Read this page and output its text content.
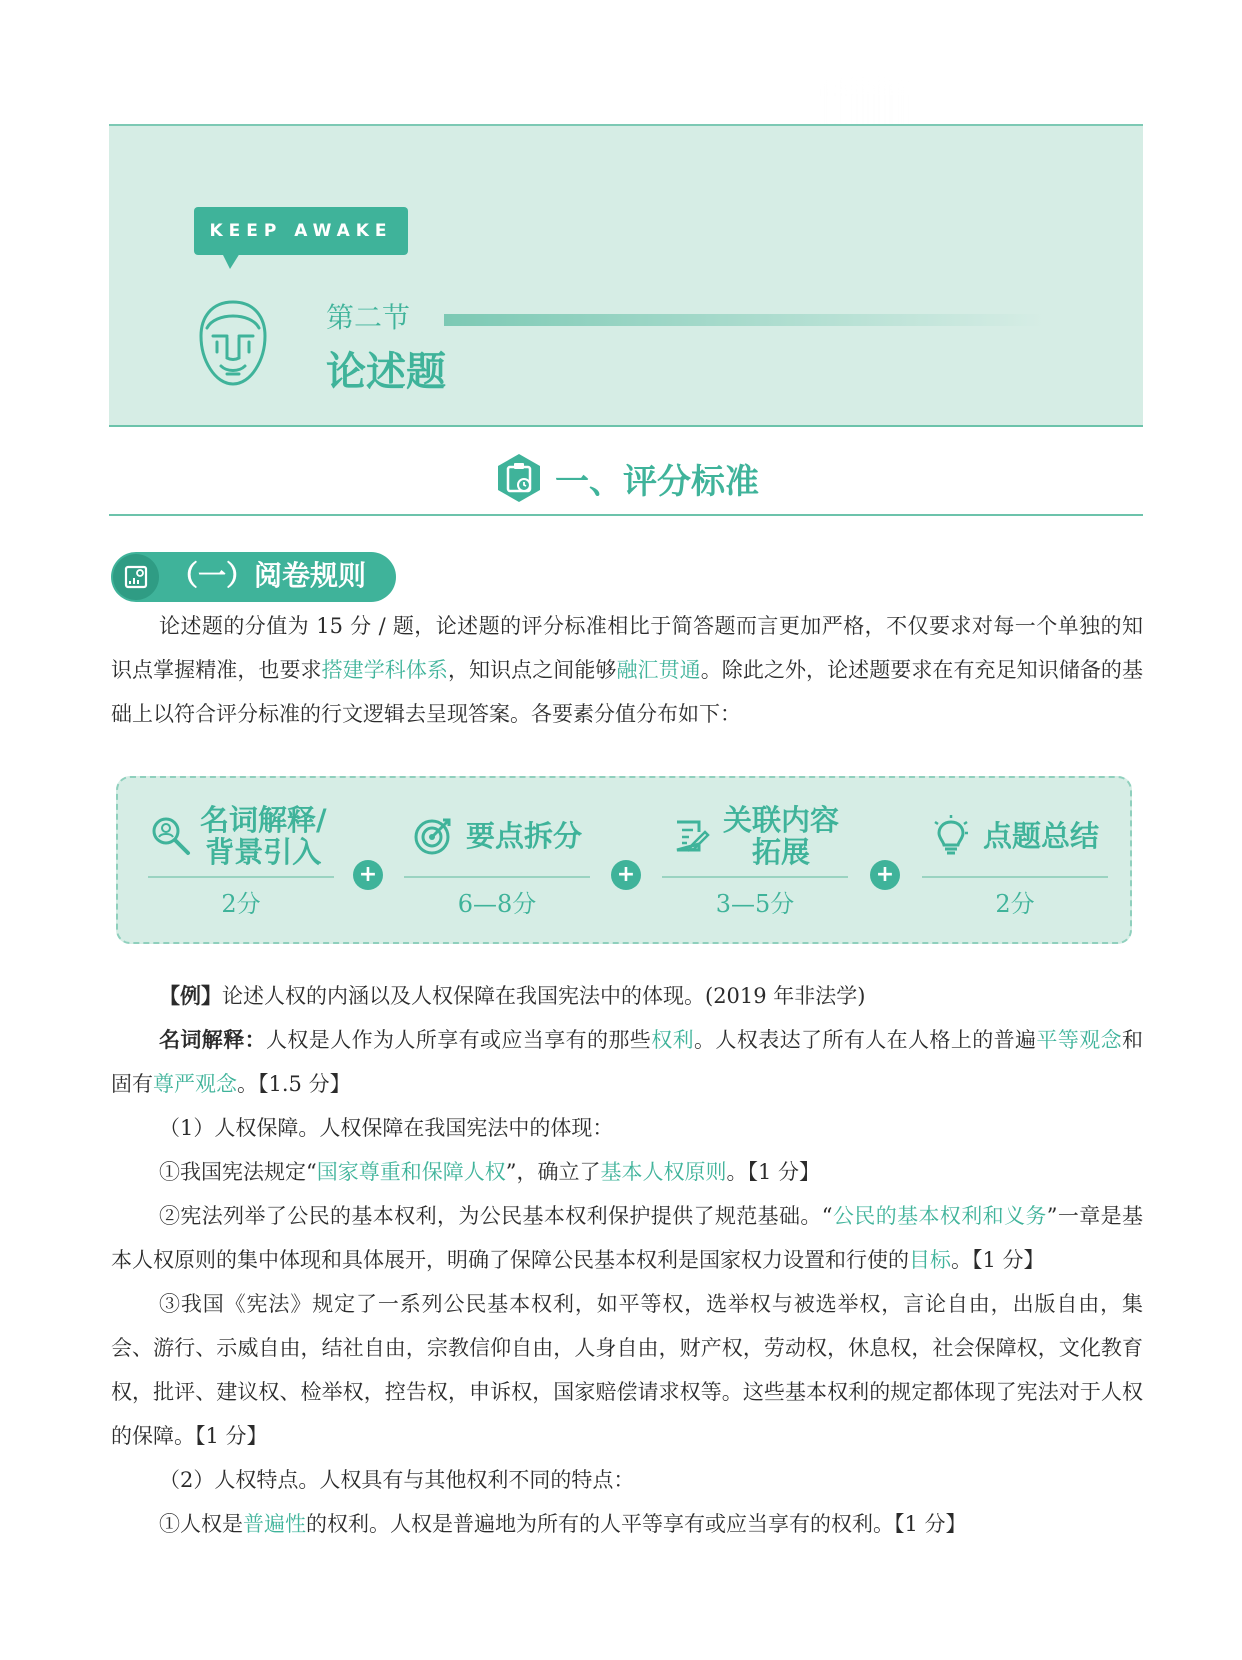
KEEP AWAKE
第二节
论述题
一、评分标准
（一）阅卷规则

论述题的分值为 15 分 / 题，论述题的评分标准相比于简答题而言更加严格，不仅要求对每一个单独的知识点掌握精准，也要求搭建学科体系，知识点之间能够融汇贯通。除此之外，论述题要求在有充足知识储备的基础上以符合评分标准的行文逻辑去呈现答案。各要素分值分布如下：

名词解释/
背景引入
2分
+
要点拆分
6—8分
+
关联内容
拓展
3—5分
+
点题总结
2分

【例】论述人权的内涵以及人权保障在我国宪法中的体现。(2019 年非法学)

名词解释：人权是人作为人所享有或应当享有的那些权利。人权表达了所有人在人格上的普遍平等观念和固有尊严观念。【1.5 分】

（1）人权保障。人权保障在我国宪法中的体现：

①我国宪法规定“国家尊重和保障人权”，确立了基本人权原则。【1 分】

②宪法列举了公民的基本权利，为公民基本权利保护提供了规范基础。“公民的基本权利和义务”一章是基本人权原则的集中体现和具体展开，明确了保障公民基本权利是国家权力设置和行使的目标。【1 分】

③我国《宪法》规定了一系列公民基本权利，如平等权，选举权与被选举权，言论自由，出版自由，集会、游行、示威自由，结社自由，宗教信仰自由，人身自由，财产权，劳动权，休息权，社会保障权，文化教育权，批评、建议权、检举权，控告权，申诉权，国家赔偿请求权等。这些基本权利的规定都体现了宪法对于人权的保障。【1 分】

（2）人权特点。人权具有与其他权利不同的特点：

①人权是普遍性的权利。人权是普遍地为所有的人平等享有或应当享有的权利。【1 分】
